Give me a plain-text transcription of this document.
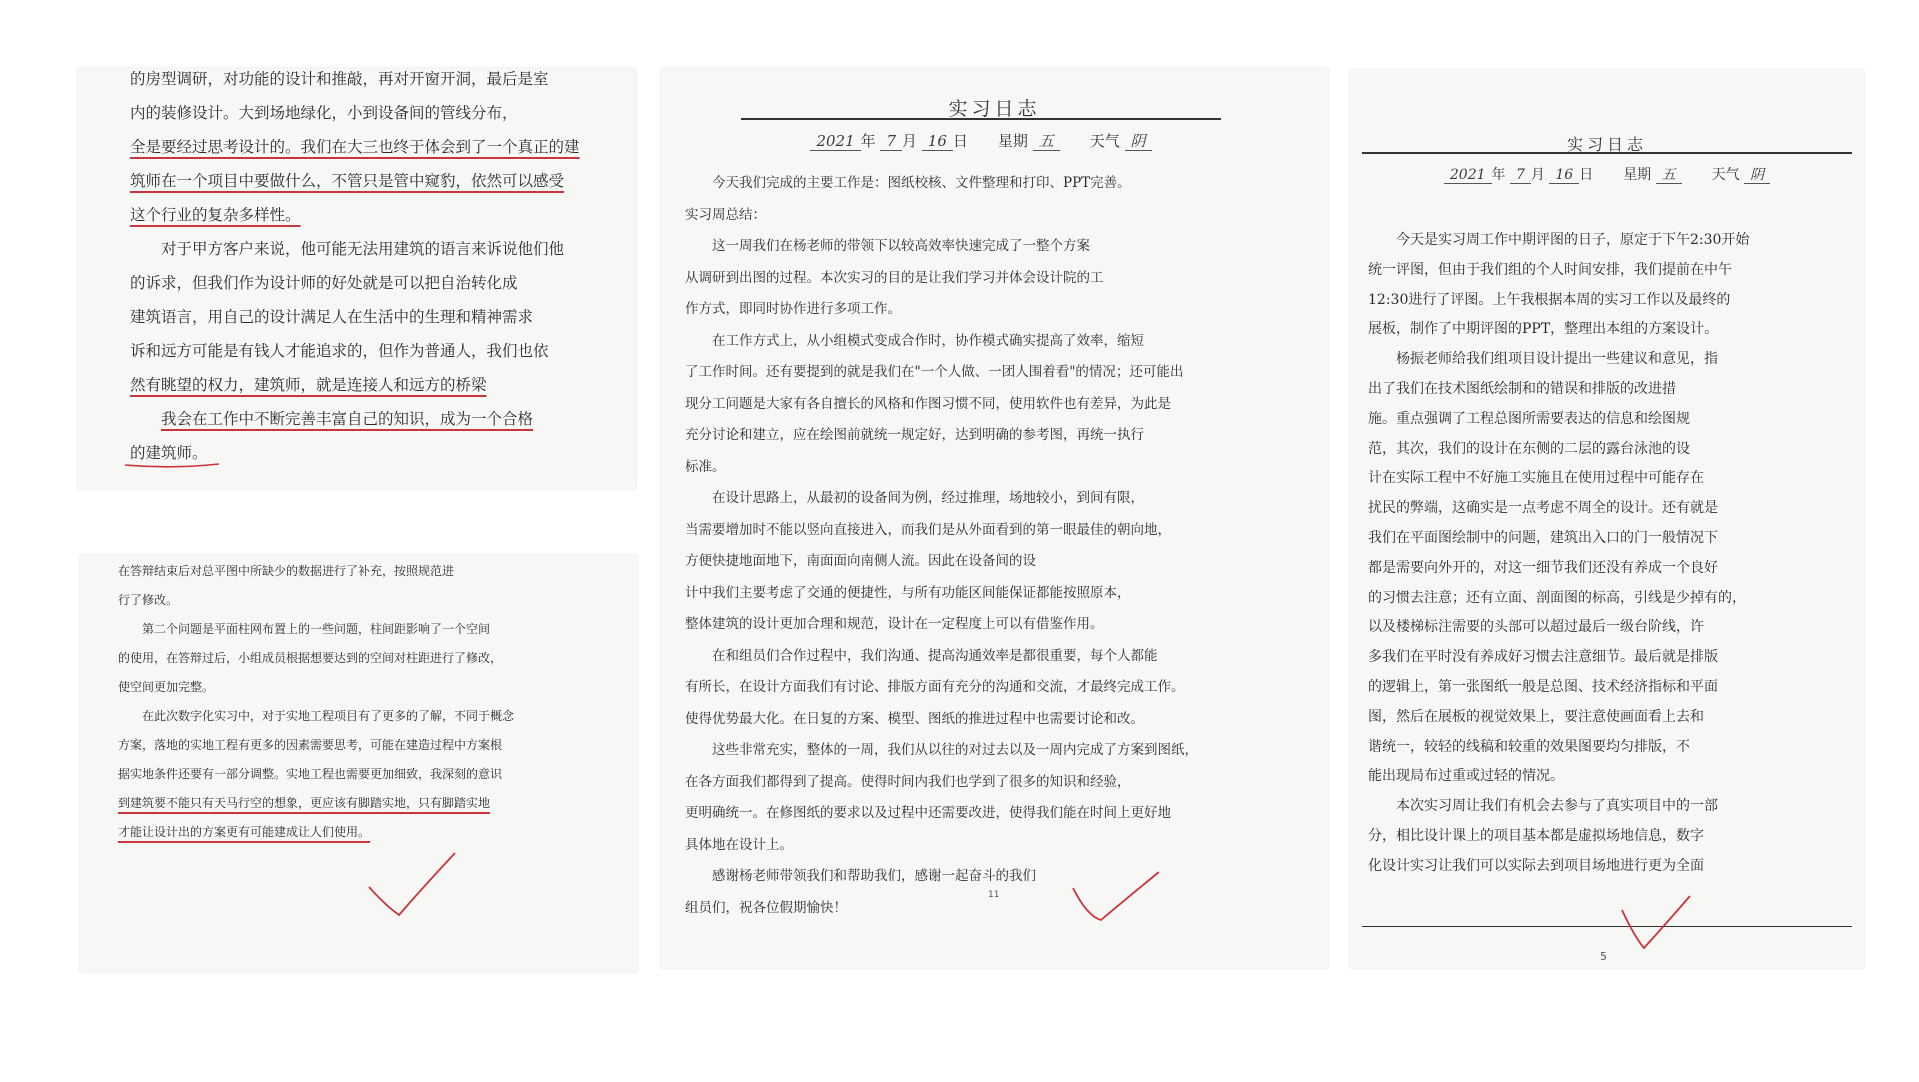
的房型调研，对功能的设计和推敲，再对开窗开洞，最后是室

内的装修设计。大到场地绿化，小到设备间的管线分布，

全是要经过思考设计的。我们在大三也终于体会到了一个真正的建

筑师在一个项目中要做什么，不管只是管中窥豹，依然可以感受

这个行业的复杂多样性。

对于甲方客户来说，他可能无法用建筑的语言来诉说他们他

的诉求，但我们作为设计师的好处就是可以把自治转化成

建筑语言，用自己的设计满足人在生活中的生理和精神需求

诉和远方可能是有钱人才能追求的，但作为普通人，我们也依

然有眺望的权力，建筑师，就是连接人和远方的桥梁

我会在工作中不断完善丰富自己的知识，成为一个合格

的建筑师。

在答辩结束后对总平图中所缺少的数据进行了补充，按照规范进

行了修改。

第二个问题是平面柱网布置上的一些问题，柱间距影响了一个空间

的使用，在答辩过后，小组成员根据想要达到的空间对柱距进行了修改，

使空间更加完整。

在此次数字化实习中，对于实地工程项目有了更多的了解，不同于概念

方案，落地的实地工程有更多的因素需要思考，可能在建造过程中方案根

据实地条件还要有一部分调整。实地工程也需要更加细致，我深刻的意识

到建筑要不能只有天马行空的想象，更应该有脚踏实地，只有脚踏实地

才能让设计出的方案更有可能建成让人们使用。

实习日志
2021 年 7 月 16 日 星期 五	天气 阴

今天我们完成的主要工作是：图纸校核、文件整理和打印、PPT完善。

实习周总结：

这一周我们在杨老师的带领下以较高效率快速完成了一整个方案

从调研到出图的过程。本次实习的目的是让我们学习并体会设计院的工

作方式，即同时协作进行多项工作。

在工作方式上，从小组模式变成合作时，协作模式确实提高了效率，缩短

了工作时间。还有要提到的就是我们在"一个人做、一团人围着看"的情况；还可能出

现分工问题是大家有各自擅长的风格和作图习惯不同，使用软件也有差异，为此是

充分讨论和建立，应在绘图前就统一规定好，达到明确的参考图，再统一执行

标准。

在设计思路上，从最初的设备间为例，经过推理，场地较小，到间有限，

当需要增加时不能以竖向直接进入，而我们是从外面看到的第一眼最佳的朝向地，

方便快捷地面地下，南面面向南侧人流。因此在设备间的设

计中我们主要考虑了交通的便捷性，与所有功能区间能保证都能按照原本，

整体建筑的设计更加合理和规范，设计在一定程度上可以有借鉴作用。

在和组员们合作过程中，我们沟通、提高沟通效率是都很重要，每个人都能

有所长，在设计方面我们有讨论、排版方面有充分的沟通和交流，才最终完成工作。

使得优势最大化。在日复的方案、模型、图纸的推进过程中也需要讨论和改。

这些非常充实，整体的一周，我们从以往的对过去以及一周内完成了方案到图纸，

在各方面我们都得到了提高。使得时间内我们也学到了很多的知识和经验，

更明确统一。在修图纸的要求以及过程中还需要改进，使得我们能在时间上更好地

具体地在设计上。

感谢杨老师带领我们和帮助我们，感谢一起奋斗的我们

组员们，祝各位假期愉快！

11
实习日志
2021 年 7 月 16 日 星期 五	天气 阴

今天是实习周工作中期评图的日子，原定于下午2:30开始

统一评图，但由于我们组的个人时间安排，我们提前在中午

12:30进行了评图。上午我根据本周的实习工作以及最终的

展板，制作了中期评图的PPT，整理出本组的方案设计。

杨振老师给我们组项目设计提出一些建议和意见，指

出了我们在技术图纸绘制和的错误和排版的改进措

施。重点强调了工程总图所需要表达的信息和绘图规

范，其次，我们的设计在东侧的二层的露台泳池的设

计在实际工程中不好施工实施且在使用过程中可能存在

扰民的弊端，这确实是一点考虑不周全的设计。还有就是

我们在平面图绘制中的问题，建筑出入口的门一般情况下

都是需要向外开的，对这一细节我们还没有养成一个良好

的习惯去注意；还有立面、剖面图的标高，引线是少掉有的，

以及楼梯标注需要的头部可以超过最后一级台阶线，许

多我们在平时没有养成好习惯去注意细节。最后就是排版

的逻辑上，第一张图纸一般是总图、技术经济指标和平面

图，然后在展板的视觉效果上，要注意使画面看上去和

谐统一，较轻的线稿和较重的效果图要均匀排版，不

能出现局布过重或过轻的情况。

本次实习周让我们有机会去参与了真实项目中的一部

分，相比设计课上的项目基本都是虚拟场地信息，数字

化设计实习让我们可以实际去到项目场地进行更为全面

5
